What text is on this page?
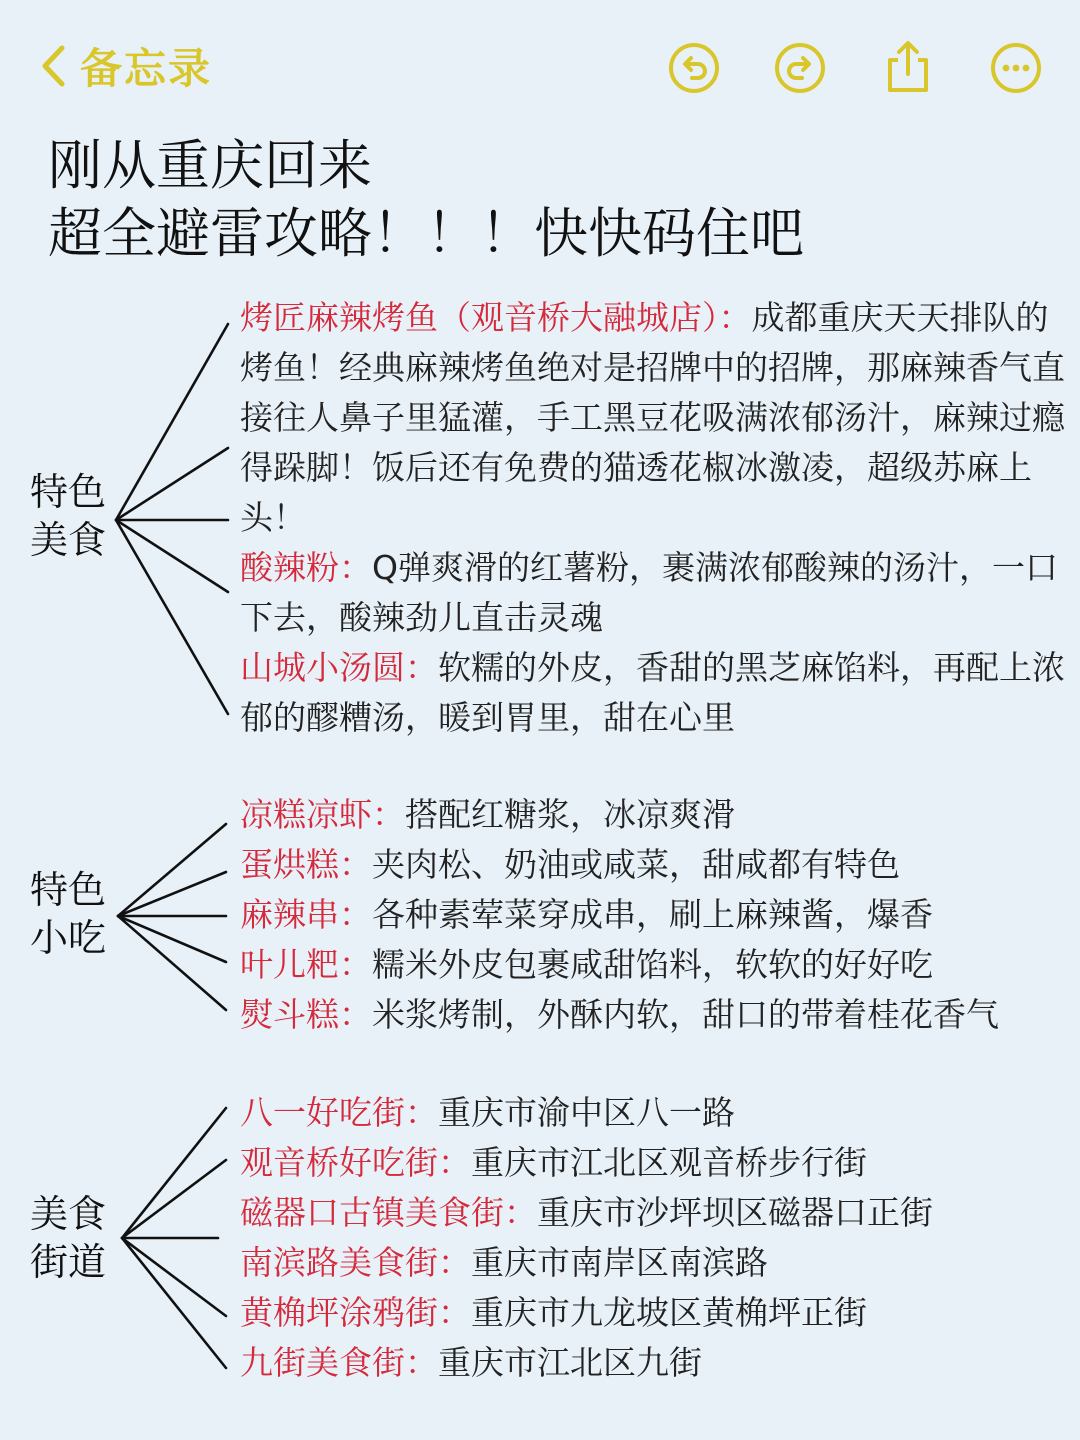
备忘录
刚从重庆回来
超全避雷攻略！！！快快码住吧
特色
美食
烤匠麻辣烤鱼（观音桥大融城店）：成都重庆天天排队的烤鱼！经典麻辣烤鱼绝对是招牌中的招牌，那麻辣香气直接往人鼻子里猛灌，手工黑豆花吸满浓郁汤汁，麻辣过瘾得跺脚！饭后还有免费的猫透花椒冰激凌，超级苏麻上头！
酸辣粉：Q弹爽滑的红薯粉，裹满浓郁酸辣的汤汁，一口下去，酸辣劲儿直击灵魂
山城小汤圆：软糯的外皮，香甜的黑芝麻馅料，再配上浓郁的醪糟汤，暖到胃里，甜在心里
特色
小吃
凉糕凉虾：搭配红糖浆，冰凉爽滑
蛋烘糕：夹肉松、奶油或咸菜，甜咸都有特色
麻辣串：各种素荤菜穿成串，刷上麻辣酱，爆香
叶儿粑：糯米外皮包裹咸甜馅料，软软的好好吃
熨斗糕：米浆烤制，外酥内软，甜口的带着桂花香气
美食
街道
八一好吃街：重庆市渝中区八一路
观音桥好吃街：重庆市江北区观音桥步行街
磁器口古镇美食街：重庆市沙坪坝区磁器口正街
南滨路美食街：重庆市南岸区南滨路
黄桷坪涂鸦街：重庆市九龙坡区黄桷坪正街
九街美食街：重庆市江北区九街
